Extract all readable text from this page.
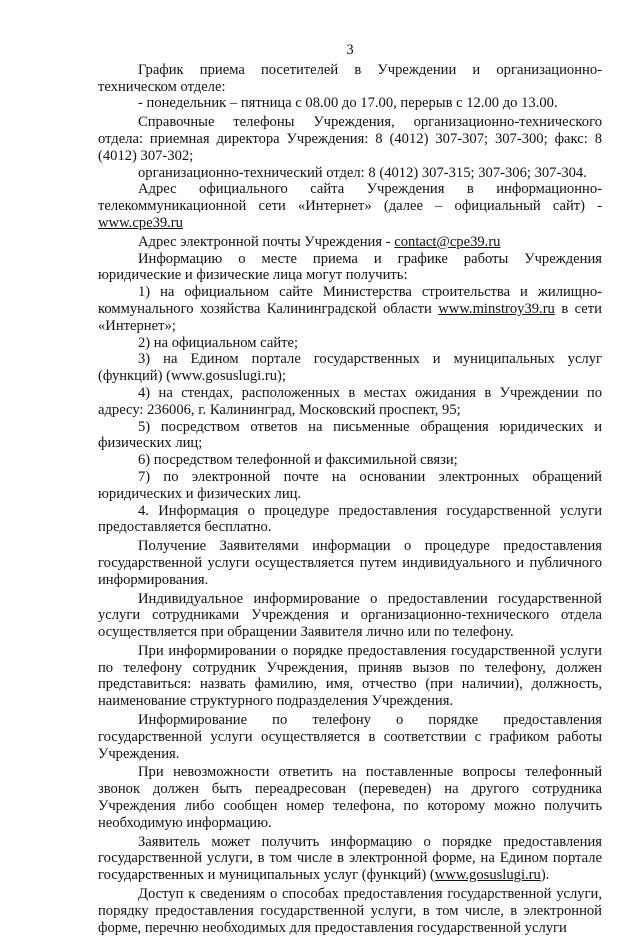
3

График приема посетителей в Учреждении и организационно-техническом отделе:

- понедельник – пятница с 08.00 до 17.00, перерыв с 12.00 до 13.00.

Справочные телефоны Учреждения, организационно-технического отдела: приемная директора Учреждения: 8 (4012) 307-307; 307-300; факс: 8 (4012) 307-302;

организационно-технический отдел: 8 (4012) 307-315; 307-306; 307-304.

Адрес официального сайта Учреждения в информационно-телекоммуникационной сети «Интернет» (далее – официальный сайт) - www.cpe39.ru

Адрес электронной почты Учреждения - contact@cpe39.ru

Информацию о месте приема и графике работы Учреждения юридические и физические лица могут получить:

1) на официальном сайте Министерства строительства и жилищно-коммунального хозяйства Калининградской области www.minstroy39.ru в сети «Интернет»;

2) на официальном сайте;

3) на Едином портале государственных и муниципальных услуг (функций) (www.gosuslugi.ru);

4) на стендах, расположенных в местах ожидания в Учреждении по адресу: 236006, г. Калининград, Московский проспект, 95;

5) посредством ответов на письменные обращения юридических и физических лиц;

6) посредством телефонной и факсимильной связи;

7) по электронной почте на основании электронных обращений юридических и физических лиц.

4. Информация о процедуре предоставления государственной услуги предоставляется бесплатно.

Получение Заявителями информации о процедуре предоставления государственной услуги осуществляется путем индивидуального и публичного информирования.

Индивидуальное информирование о предоставлении государственной услуги сотрудниками Учреждения и организационно-технического отдела осуществляется при обращении Заявителя лично или по телефону.

При информировании о порядке предоставления государственной услуги по телефону сотрудник Учреждения, приняв вызов по телефону, должен представиться: назвать фамилию, имя, отчество (при наличии), должность, наименование структурного подразделения Учреждения.

Информирование по телефону о порядке предоставления государственной услуги осуществляется в соответствии с графиком работы Учреждения.

При невозможности ответить на поставленные вопросы телефонный звонок должен быть переадресован (переведен) на другого сотрудника Учреждения либо сообщен номер телефона, по которому можно получить необходимую информацию.

Заявитель может получить информацию о порядке предоставления государственной услуги, в том числе в электронной форме, на Едином портале государственных и муниципальных услуг (функций) (www.gosuslugi.ru).

Доступ к сведениям о способах предоставления государственной услуги, порядку предоставления государственной услуги, в том числе, в электронной форме, перечню необходимых для предоставления государственной услуги
